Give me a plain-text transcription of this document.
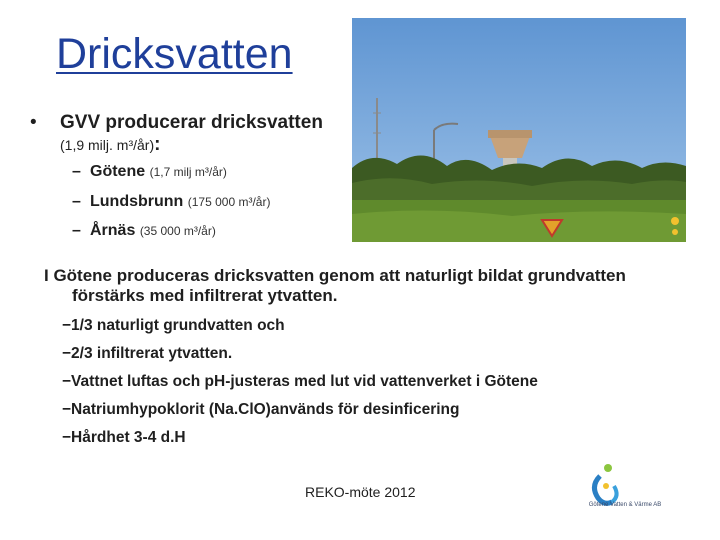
Dricksvatten
• GVV producerar dricksvatten (1,9 milj. m³/år):
– Götene (1,7 milj m³/år)
– Lundsbrunn (175 000 m³/år)
– Årnäs (35 000 m³/år)
I Götene produceras dricksvatten genom att naturligt bildat grundvatten förstärks med infiltrerat ytvatten.
−1/3 naturligt grundvatten och
−2/3 infiltrerat ytvatten.
−Vattnet luftas och pH-justeras med lut vid vattenverket i Götene
−Natriumhypoklorit (Na.ClO)används för desinficering
−Hårdhet 3-4 d.H
REKO-möte 2012
Götene Vatten & Värme AB
